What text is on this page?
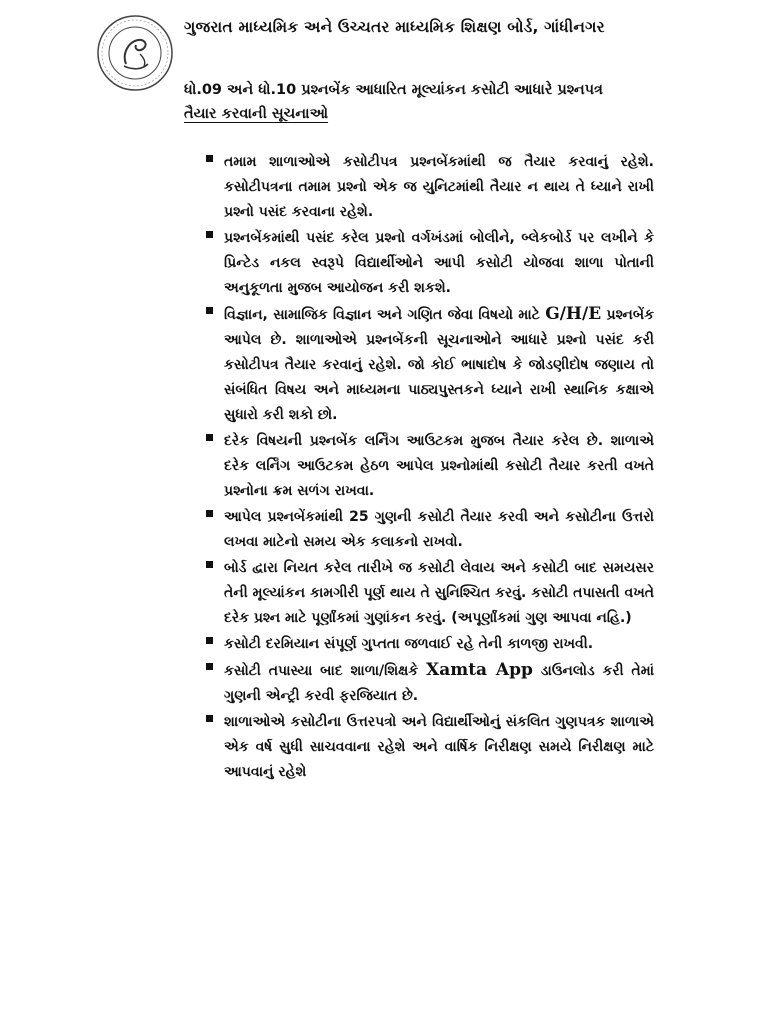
ગુજરાત માધ્યમિક અને ઉચ્ચતર માધ્યમિક શિક્ષણ બોર્ડ, ગાંધીનગર
ધો.09 અને ધો.10 પ્રશ્નબેંક આધારિત મૂલ્યાંકન કસોટી આધારે પ્રશ્નપત્ર
તૈયાર કરવાની સૂચનાઓ
તમામ શાળાઓએ કસોટીપત્ર પ્રશ્નબેંકમાંથી જ તૈયાર કરવાનું રહેશે. કસોટીપત્રના તમામ પ્રશ્નો એક જ યુનિટમાંથી તૈયાર ન થાય તે ધ્યાને રાખી પ્રશ્નો પસંદ કરવાના રહેશે.
પ્રશ્નબેંકમાંથી પસંદ કરેલ પ્રશ્નો વર્ગખંડમાં બોલીને, બ્લેકબોર્ડ પર લખીને કે પ્રિન્ટેડ નકલ સ્વરૂપે વિદ્યાર્થીઓને આપી કસોટી યોજવા શાળા પોતાની અનુકૂળતા મુજબ આયોજન કરી શકશે.
વિજ્ઞાન, સામાજિક વિજ્ઞાન અને ગણિત જેવા વિષયો માટે G/H/E પ્રશ્નબેંક આપેલ છે. શાળાઓએ પ્રશ્નબેંકની સૂચનાઓને આધારે પ્રશ્નો પસંદ કરી કસોટીપત્ર તૈયાર કરવાનું રહેશે. જો કોઈ ભાષાદોષ કે જોડણીદોષ જણાય તો સંબંધિત વિષય અને માધ્યમના પાઠ્યપુસ્તકને ધ્યાને રાખી સ્થાનિક કક્ષાએ સુધારો કરી શકો છો.
દરેક વિષયની પ્રશ્નબેંક લર્નિંગ આઉટકમ મુજબ તૈયાર કરેલ છે. શાળાએ દરેક લર્નિંગ આઉટકમ હેઠળ આપેલ પ્રશ્નોમાંથી કસોટી તૈયાર કરતી વખતે પ્રશ્નોના ક્રમ સળંગ રાખવા.
આપેલ પ્રશ્નબેંકમાંથી 25 ગુણની કસોટી તૈયાર કરવી અને કસોટીના ઉત્તરો લખવા માટેનો સમય એક કલાકનો રાખવો.
બોર્ડ દ્વારા નિયત કરેલ તારીખે જ કસોટી લેવાય અને કસોટી બાદ સમયસર તેની મૂલ્યાંકન કામગીરી પૂર્ણ થાય તે સુનિશ્ચિત કરવું. કસોટી તપાસતી વખતે દરેક પ્રશ્ન માટે પૂર્ણાંકમાં ગુણાંકન કરવું. (અપૂર્ણાંકમાં ગુણ આપવા નહિ.)
કસોટી દરમિયાન સંપૂર્ણ ગુપ્તતા જળવાઈ રહે તેની કાળજી રાખવી.
કસોટી તપાસ્યા બાદ શાળા/શિક્ષકે Xamta App ડાઉનલોડ કરી તેમાં ગુણની એન્ટ્રી કરવી ફરજિયાત છે.
શાળાઓએ કસોટીના ઉત્તરપત્રો અને વિદ્યાર્થીઓનું સંકલિત ગુણપત્રક શાળાએ એક વર્ષ સુધી સાચવવાના રહેશે અને વાર્ષિક નિરીક્ષણ સમયે નિરીક્ષણ માટે આપવાનું રહેશે
